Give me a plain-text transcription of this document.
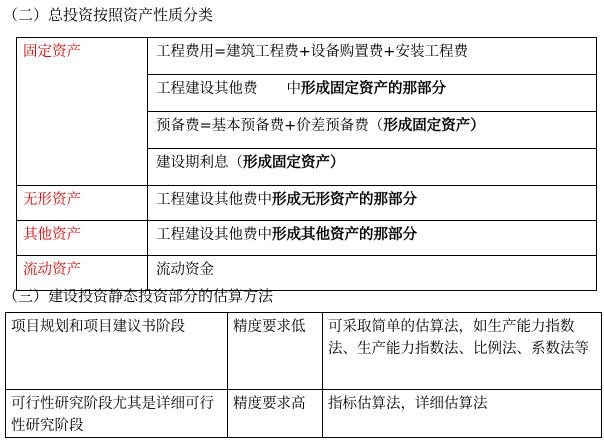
（二）总投资按照资产性质分类
固定资产	工程费用=建筑工程费+设备购置费+安装工程费
	工程建设其他费　　中形成固定资产的那部分
	预备费=基本预备费+价差预备费（形成固定资产）
	建设期利息（形成固定资产）
无形资产	工程建设其他费中形成无形资产的那部分
其他资产	工程建设其他费中形成其他资产的那部分
流动资产	流动资金
（三）建设投资静态投资部分的估算方法
项目规划和项目建议书阶段	精度要求低	可采取简单的估算法，如生产能力指数法、生产能力指数法、比例法、系数法等
可行性研究阶段尤其是详细可行性研究阶段	精度要求高	指标估算法，详细估算法
